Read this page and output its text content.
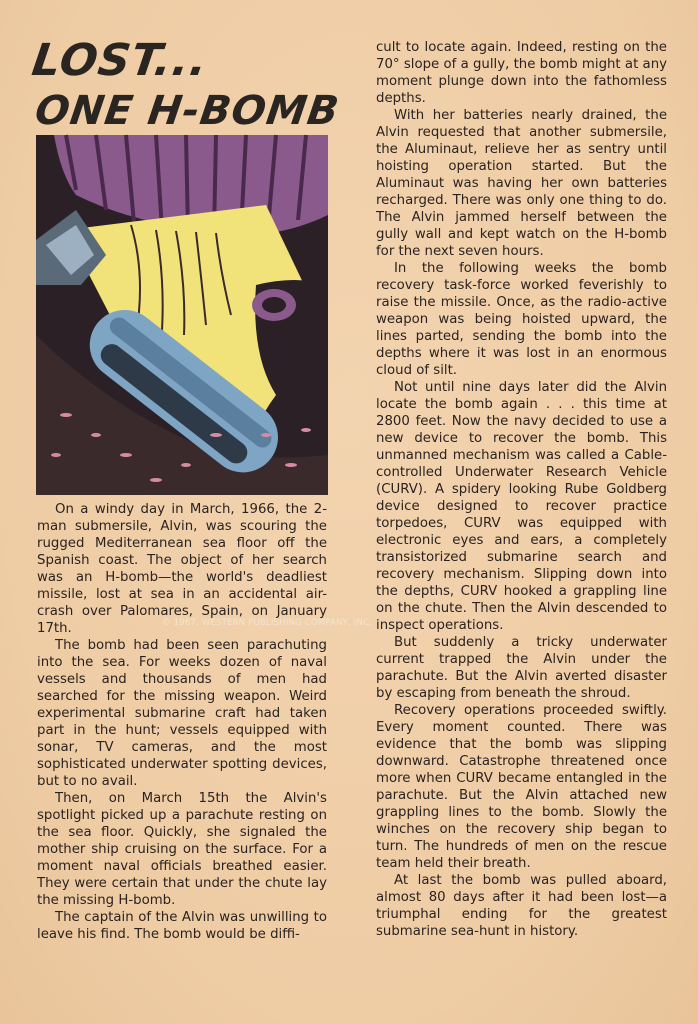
LOST...
ONE H-BOMB
© 1967, WESTERN PUBLISHING COMPANY, INC.

On a windy day in March, 1966, the 2-man submersile, Alvin, was scouring the rugged Mediterranean sea floor off the Spanish coast. The object of her search was an H-bomb—the world's deadliest missile, lost at sea in an accidental air-crash over Palomares, Spain, on January 17th.

The bomb had been seen parachuting into the sea. For weeks dozen of naval vessels and thousands of men had searched for the missing weapon. Weird experimental submarine craft had taken part in the hunt; vessels equipped with sonar, TV cameras, and the most sophisticated underwater spotting devices, but to no avail.

Then, on March 15th the Alvin's spotlight picked up a parachute resting on the sea floor. Quickly, she signaled the mother ship cruising on the surface. For a moment naval officials breathed easier. They were certain that under the chute lay the missing H-bomb.

The captain of the Alvin was unwilling to leave his find. The bomb would be diffi-

cult to locate again. Indeed, resting on the 70° slope of a gully, the bomb might at any moment plunge down into the fathomless depths.

With her batteries nearly drained, the Alvin requested that another submersile, the Aluminaut, relieve her as sentry until hoisting operation started. But the Aluminaut was having her own batteries recharged. There was only one thing to do. The Alvin jammed herself between the gully wall and kept watch on the H-bomb for the next seven hours.

In the following weeks the bomb recovery task-force worked feverishly to raise the missile. Once, as the radio-active weapon was being hoisted upward, the lines parted, sending the bomb into the depths where it was lost in an enormous cloud of silt.

Not until nine days later did the Alvin locate the bomb again . . . this time at 2800 feet. Now the navy decided to use a new device to recover the bomb. This unmanned mechanism was called a Cable-controlled Underwater Research Vehicle (CURV). A spidery looking Rube Goldberg device designed to recover practice torpedoes, CURV was equipped with electronic eyes and ears, a completely transistorized submarine search and recovery mechanism. Slipping down into the depths, CURV hooked a grappling line on the chute. Then the Alvin descended to inspect operations.

But suddenly a tricky underwater current trapped the Alvin under the parachute. But the Alvin averted disaster by escaping from beneath the shroud.

Recovery operations proceeded swiftly. Every moment counted. There was evidence that the bomb was slipping downward. Catastrophe threatened once more when CURV became entangled in the parachute. But the Alvin attached new grappling lines to the bomb. Slowly the winches on the recovery ship began to turn. The hundreds of men on the rescue team held their breath.

At last the bomb was pulled aboard, almost 80 days after it had been lost—a triumphal ending for the greatest submarine sea-hunt in history.
